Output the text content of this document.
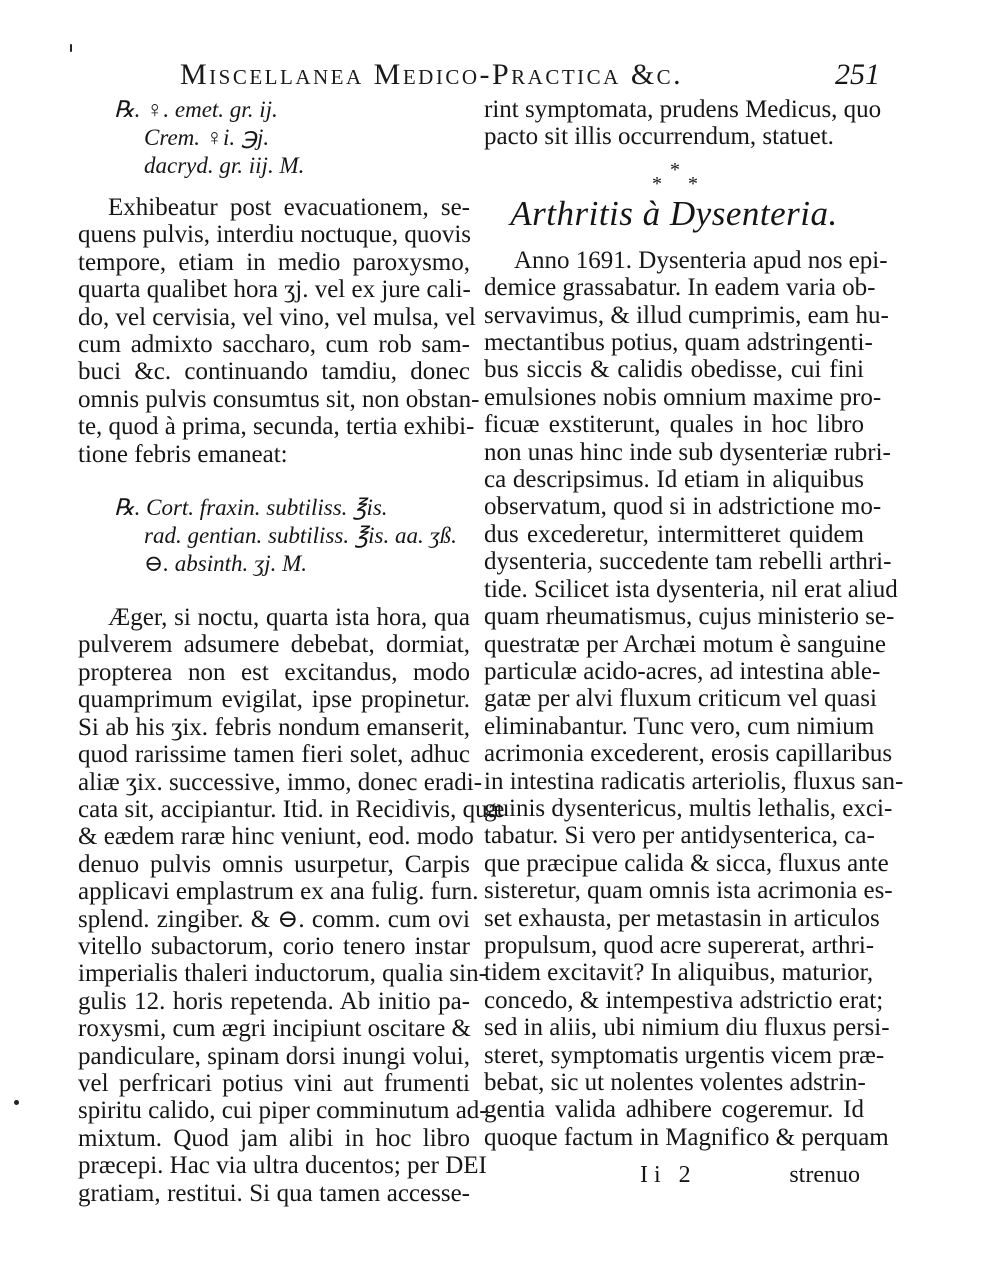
Miscellanea Medico-Practica &c.	251
℞. ♀. emet. gr. ij.
Crem. ♀i. ℈j.
dacryd. gr. iij. M.
Exhibeatur post evacuationem, se-
quens pulvis, interdiu noctuque, quovis
tempore, etiam in medio paroxysmo,
quarta qualibet hora ʒj. vel ex jure cali-
do, vel cervisia, vel vino, vel mulsa, vel
cum admixto saccharo, cum rob sam-
buci &c. continuando tamdiu, donec
omnis pulvis consumtus sit, non obstan-
te, quod à prima, secunda, tertia exhibi-
tione febris emaneat:
℞. Cort. fraxin. subtiliss. ℥is.
rad. gentian. subtiliss. ℥is. aa. ʒß.
⊖. absinth. ʒj. M.
Æger, si noctu, quarta ista hora, qua
pulverem adsumere debebat, dormiat,
propterea non est excitandus, modo
quamprimum evigilat, ipse propinetur.
Si ab his ʒix. febris nondum emanserit,
quod rarissime tamen fieri solet, adhuc
aliæ ʒix. successive, immo, donec eradi-
cata sit, accipiantur. Itid. in Recidivis, quæ
& eædem raræ hinc veniunt, eod. modo
denuo pulvis omnis usurpetur, Carpis
applicavi emplastrum ex ana fulig. furn.
splend. zingiber. & ⊖. comm. cum ovi
vitello subactorum, corio tenero instar
imperialis thaleri inductorum, qualia sin-
gulis 12. horis repetenda. Ab initio pa-
roxysmi, cum ægri incipiunt oscitare &
pandiculare, spinam dorsi inungi volui,
vel perfricari potius vini aut frumenti
spiritu calido, cui piper comminutum ad-
mixtum. Quod jam alibi in hoc libro
præcepi. Hac via ultra ducentos; per DEI
gratiam, restitui. Si qua tamen accesse-
rint symptomata, prudens Medicus, quo
pacto sit illis occurrendum, statuet.
*
*
*
Arthritis à Dysenteria.
Anno 1691. Dysenteria apud nos epi-
demice grassabatur. In eadem varia ob-
servavimus, & illud cumprimis, eam hu-
mectantibus potius, quam adstringenti-
bus siccis & calidis obedisse, cui fini
emulsiones nobis omnium maxime pro-
ficuæ exstiterunt, quales in hoc libro
non unas hinc inde sub dysenteriæ rubri-
ca descripsimus. Id etiam in aliquibus
observatum, quod si in adstrictione mo-
dus excederetur, intermitteret quidem
dysenteria, succedente tam rebelli arthri-
tide. Scilicet ista dysenteria, nil erat aliud
quam rheumatismus, cujus ministerio se-
questratæ per Archæi motum è sanguine
particulæ acido-acres, ad intestina able-
gatæ per alvi fluxum criticum vel quasi
eliminabantur. Tunc vero, cum nimium
acrimonia excederent, erosis capillaribus
in intestina radicatis arteriolis, fluxus san-
guinis dysentericus, multis lethalis, exci-
tabatur. Si vero per antidysenterica, ca-
que præcipue calida & sicca, fluxus ante
sisteretur, quam omnis ista acrimonia es-
set exhausta, per metastasin in articulos
propulsum, quod acre supererat, arthri-
tidem excitavit? In aliquibus, maturior,
concedo, & intempestiva adstrictio erat;
sed in aliis, ubi nimium diu fluxus persi-
steret, symptomatis urgentis vicem præ-
bebat, sic ut nolentes volentes adstrin-
gentia valida adhibere cogeremur. Id
quoque factum in Magnifico & perquam
Ii 2	strenuo
